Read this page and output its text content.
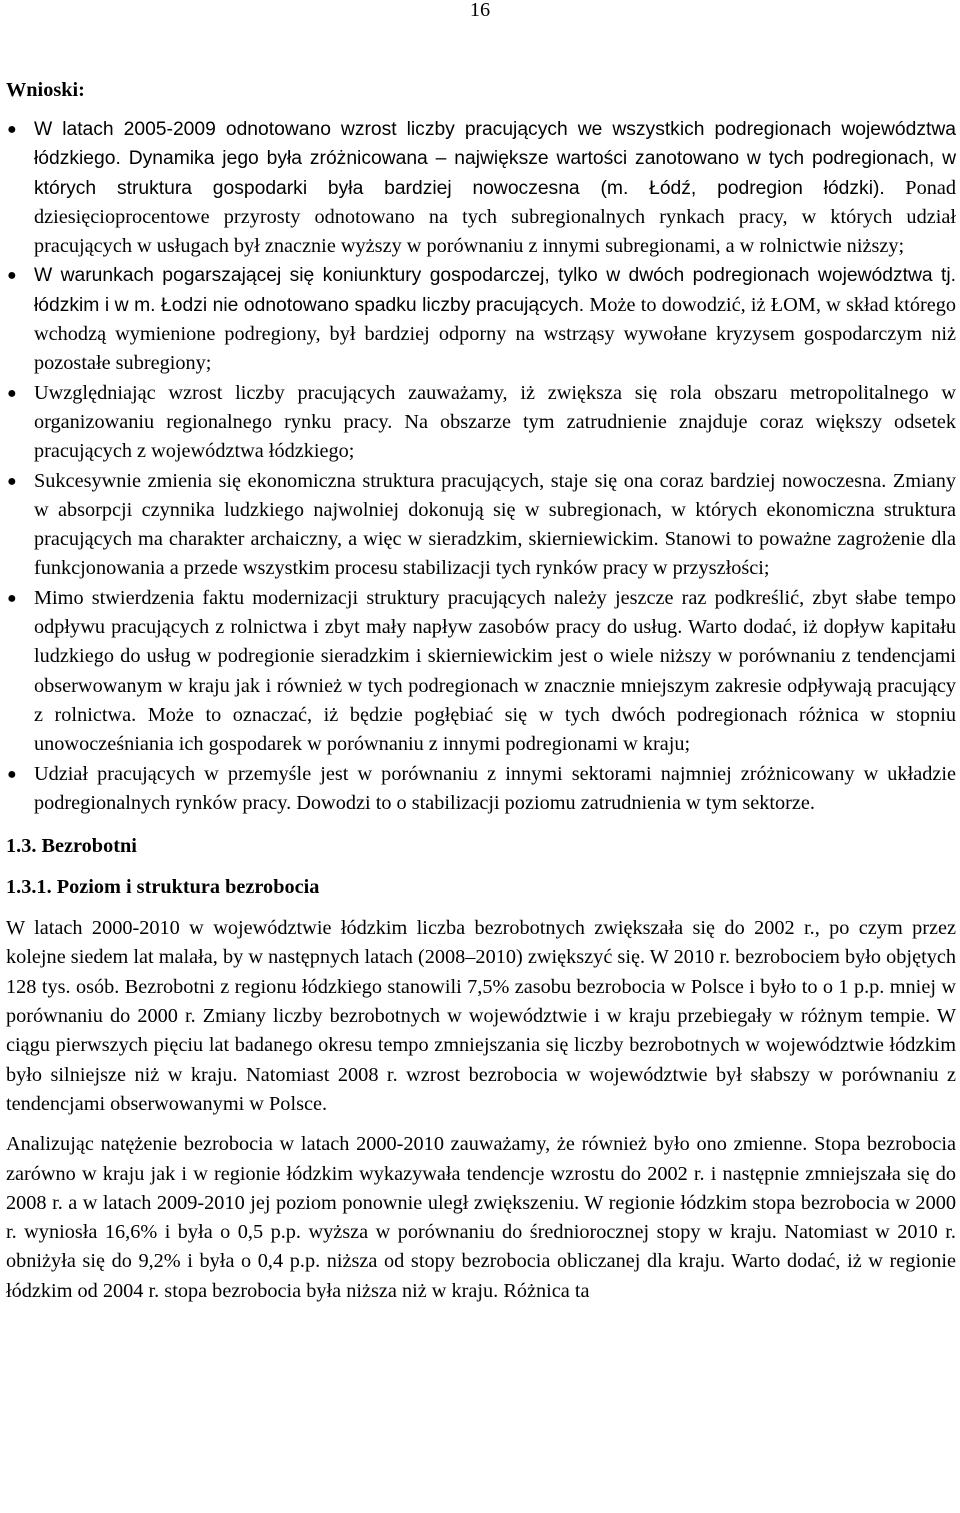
16
Wnioski:
● W latach 2005-2009 odnotowano wzrost liczby pracujących we wszystkich podregionach województwa łódzkiego. Dynamika jego była zróżnicowana – największe wartości zanotowano w tych podregionach, w których struktura gospodarki była bardziej nowoczesna (m. Łódź, podregion łódzki). Ponad dziesięcioprocentowe przyrosty odnotowano na tych subregionalnych rynkach pracy, w których udział pracujących w usługach był znacznie wyższy w porównaniu z innymi subregionami, a w rolnictwie niższy;
● W warunkach pogarszającej się koniunktury gospodarczej, tylko w dwóch podregionach województwa tj. łódzkim i w m. Łodzi nie odnotowano spadku liczby pracujących. Może to dowodzić, iż ŁOM, w skład którego wchodzą wymienione podregiony, był bardziej odporny na wstrząsy wywołane kryzysem gospodarczym niż pozostałe subregiony;
● Uwzględniając wzrost liczby pracujących zauważamy, iż zwiększa się rola obszaru metropolitalnego w organizowaniu regionalnego rynku pracy. Na obszarze tym zatrudnienie znajduje coraz większy odsetek pracujących z województwa łódzkiego;
● Sukcesywnie zmienia się ekonomiczna struktura pracujących, staje się ona coraz bardziej nowoczesna. Zmiany w absorpcji czynnika ludzkiego najwolniej dokonują się w subregionach, w których ekonomiczna struktura pracujących ma charakter archaiczny, a więc w sieradzkim, skierniewickim. Stanowi to poważne zagrożenie dla funkcjonowania a przede wszystkim procesu stabilizacji tych rynków pracy w przyszłości;
● Mimo stwierdzenia faktu modernizacji struktury pracujących należy jeszcze raz podkreślić, zbyt słabe tempo odpływu pracujących z rolnictwa i zbyt mały napływ zasobów pracy do usług. Warto dodać, iż dopływ kapitału ludzkiego do usług w podregionie sieradzkim i skierniewickim jest o wiele niższy w porównaniu z tendencjami obserwowanym w kraju jak i również w tych podregionach w znacznie mniejszym zakresie odpływają pracujący z rolnictwa. Może to oznaczać, iż będzie pogłębiać się w tych dwóch podregionach różnica w stopniu unowocześniania ich gospodarek w porównaniu z innymi podregionami w kraju;
● Udział pracujących w przemyśle jest w porównaniu z innymi sektorami najmniej zróżnicowany w układzie podregionalnych rynków pracy. Dowodzi to o stabilizacji poziomu zatrudnienia w tym sektorze.
1.3. Bezrobotni
1.3.1. Poziom i struktura bezrobocia

W latach 2000-2010 w województwie łódzkim liczba bezrobotnych zwiększała się do 2002 r., po czym przez kolejne siedem lat malała, by w następnych latach (2008–2010) zwiększyć się. W 2010 r. bezrobociem było objętych 128 tys. osób. Bezrobotni z regionu łódzkiego stanowili 7,5% zasobu bezrobocia w Polsce i było to o 1 p.p. mniej w porównaniu do 2000 r. Zmiany liczby bezrobotnych w województwie i w kraju przebiegały w różnym tempie. W ciągu pierwszych pięciu lat badanego okresu tempo zmniejszania się liczby bezrobotnych w województwie łódzkim było silniejsze niż w kraju. Natomiast 2008 r. wzrost bezrobocia w województwie był słabszy w porównaniu z tendencjami obserwowanymi w Polsce.

Analizując natężenie bezrobocia w latach 2000-2010 zauważamy, że również było ono zmienne. Stopa bezrobocia zarówno w kraju jak i w regionie łódzkim wykazywała tendencje wzrostu do 2002 r. i następnie zmniejszała się do 2008 r. a w latach 2009-2010 jej poziom ponownie uległ zwiększeniu. W regionie łódzkim stopa bezrobocia w 2000 r. wyniosła 16,6% i była o 0,5 p.p. wyższa w porównaniu do średniorocznej stopy w kraju. Natomiast w 2010 r. obniżyła się do 9,2% i była o 0,4 p.p. niższa od stopy bezrobocia obliczanej dla kraju. Warto dodać, iż w regionie łódzkim od 2004 r. stopa bezrobocia była niższa niż w kraju. Różnica ta
